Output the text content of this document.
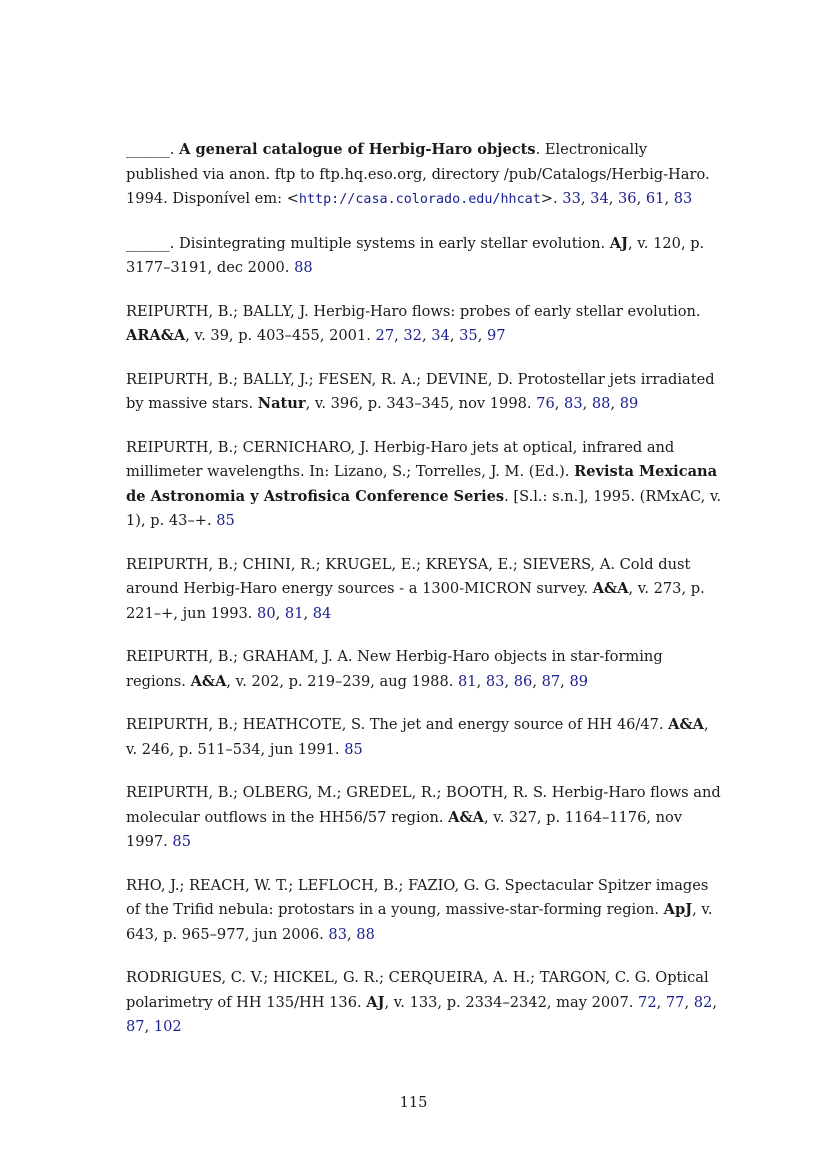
______. A general catalogue of Herbig-Haro objects. Electronically published via anon. ftp to ftp.hq.eso.org, directory /pub/Catalogs/Herbig-Haro. 1994. Disponível em: <http://casa.colorado.edu/hhcat>. 33, 34, 36, 61, 83

______. Disintegrating multiple systems in early stellar evolution. AJ, v. 120, p. 3177–3191, dec 2000. 88

REIPURTH, B.; BALLY, J. Herbig-Haro flows: probes of early stellar evolution. ARA&A, v. 39, p. 403–455, 2001. 27, 32, 34, 35, 97

REIPURTH, B.; BALLY, J.; FESEN, R. A.; DEVINE, D. Protostellar jets irradiated by massive stars. Natur, v. 396, p. 343–345, nov 1998. 76, 83, 88, 89

REIPURTH, B.; CERNICHARO, J. Herbig-Haro jets at optical, infrared and millimeter wavelengths. In: Lizano, S.; Torrelles, J. M. (Ed.). Revista Mexicana de Astronomia y Astrofisica Conference Series. [S.l.: s.n.], 1995. (RMxAC, v. 1), p. 43–+. 85

REIPURTH, B.; CHINI, R.; KRUGEL, E.; KREYSA, E.; SIEVERS, A. Cold dust around Herbig-Haro energy sources - a 1300-MICRON survey. A&A, v. 273, p. 221–+, jun 1993. 80, 81, 84

REIPURTH, B.; GRAHAM, J. A. New Herbig-Haro objects in star-forming regions. A&A, v. 202, p. 219–239, aug 1988. 81, 83, 86, 87, 89

REIPURTH, B.; HEATHCOTE, S. The jet and energy source of HH 46/47. A&A, v. 246, p. 511–534, jun 1991. 85

REIPURTH, B.; OLBERG, M.; GREDEL, R.; BOOTH, R. S. Herbig-Haro flows and molecular outflows in the HH56/57 region. A&A, v. 327, p. 1164–1176, nov 1997. 85

RHO, J.; REACH, W. T.; LEFLOCH, B.; FAZIO, G. G. Spectacular Spitzer images of the Trifid nebula: protostars in a young, massive-star-forming region. ApJ, v. 643, p. 965–977, jun 2006. 83, 88

RODRIGUES, C. V.; HICKEL, G. R.; CERQUEIRA, A. H.; TARGON, C. G. Optical polarimetry of HH 135/HH 136. AJ, v. 133, p. 2334–2342, may 2007. 72, 77, 82, 87, 102

115
